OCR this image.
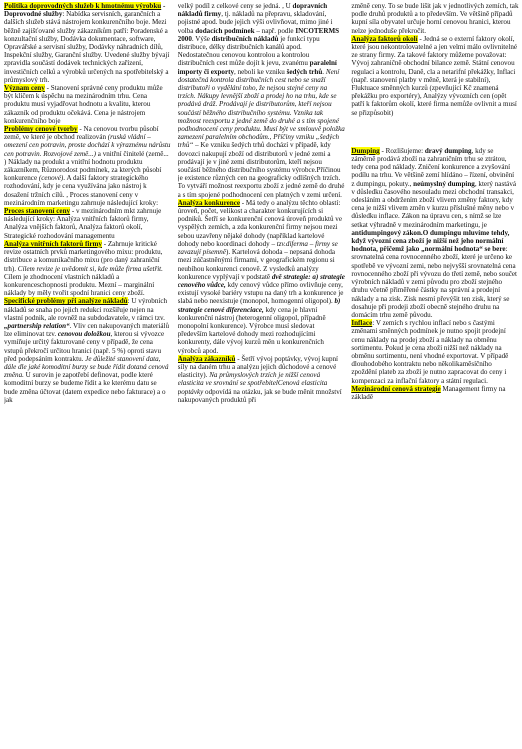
Politika doprovodných služeb k hmotnému výrobku - Doprovodné služby: Nabídka servisních, garančních a dalších služeb stává nástrojem konkurenčního boje. Mezi běžně zajišťované služby zákazníkům patří: Poradenské a konzultační služby, Dodávka dokumentace, software, Opravářské a servisní služby, Dodávky náhradních dílů, Inspekční služby, Garanční služby. Uvedené služby bývají zpravidla součástí dodávek technických zařízení, investičních celků a výrobků určených na spotřebitelský a průmyslový trh.

Význam ceny - Stanovení správné ceny produktu může být klíčem k úspěchu na mezinárodním trhu. Cena produktu musí vyjadřovat hodnotu a kvalitu, kterou zákazník od produktu očekává. Cena je nástrojem konkurenčního boje

Problémy cenové tvorby - Na cenovou tvorbu působí země, ve které je obchod realizován (ruská vládní – omezení cen potravin, proste dochází k výraznému nárůstu cen potravin. Rozvojové země...) a vnitřní činitelé (země... ) Náklady na produkt a vnitřní hodnotu produktu zákazníkem, Různorodost podmínek, za kterých působí konkurence (cenové). A další faktory strategického rozhodování, kdy je cena využívána jako nástroj k dosažení tržních cílů. , Proces stanovení ceny v mezinárodním marketingu zahrnuje následující kroky:

Proces stanovení ceny - v mezinárodním mkt zahrnuje následující kroky: Analýza vnitřních faktorů firmy, Analýza vnějších faktorů, Analýza faktorů okolí, Strategické rozhodování managementu

Analýza vnitřních faktorů firmy - Zahrnuje kritické revize ostatních prvků marketingového mixu: produktu, distribuce a komunikačního mixu (pro daný zahraniční trh). Cílem revize je uvědomit si, kde může firma ušetřit. Cílem je zhodnocení vlastních nákladů a konkurenceschopnosti produktu. Mezní – marginální náklady by měly tvořit spodní hranici ceny zboží.

Specifické problémy při analýze nákladů: U výrobních nákladů se snaha po jejich redukci rozšiřuje nejen na vlastní podnik, ale rovněž na subdodavatele, v rámci tzv. „partnership relation“. Vliv cen nakupovaných materiálů lze eliminovat tzv. cenovou doložkou, kterou si vývozce vymíňuje určitý fakturované ceny v případě, že cena vstupů překročí určitou hranici (např. 5 %) oproti stavu před podepsáním kontraktu. Je důležité stanovení data, dále dle jaké komoditní burzy se bude řídit dotaná cenová změna. U surovin je zapotřebí definovat, podle které komoditní burzy se budeme řídit a ke kterému datu se bude změna účtovat (datem expedice nebo fakturace) a o jak

velký podíl z celkové ceny se jedná. , U dopravních nákladů firmy, tj. nákladů na přepravu, skladování, pojistné apod. bude jejich výši ovlivňovat, mimo jiné i volba dodacích podmínek – např. podle INCOTERMS 2000. Výše distribučních nákladů je funkcí typu distribuce, délky distribučních kanálů apod. Nedostatečnou cenovou kontrolou a kontrolou distribučních cest může dojít k jevu, zvanému paralelní importy či exporty, neboli ke vzniku šedých trhů. Není dostatečná kontrola distribučních cest nebo se snaží distributoři o vydělání toho, že nejsou stejné ceny na trzích. Nákupy levnější zboží a prodej ho na trhu, kde se prodává dráž. Prodávají je distributorům, kteří nejsou součástí běžného distribučního systému. Vznika tak možnost reexportu z jedné země do druhé a s tím spojené podhodnocení ceny produktu. Musí být ve smlouvě položka zamezení paralelním obchodům., Příčiny vzniku „šedých trhů“ – Ke vzniku šedých trhů dochází v případě, kdy dovozci nakupují zboží od distributorů v jedné zemi a prodávají je v jiné zemi distributorům, kteří nejsou součástí běžného distribučního systému výrobce.Příčinou je existence různých cen na geograficky odlišných trzích. To vytváří možnost reexportu zboží z jedné země do druhé a s tím spojené podhodnocení cen platných v zemi určení.

Analýza konkurence - Má tedy o analýzu těchto oblastí: úroveň, počet, velikost a charakter konkurujících si podniků. Šetří se konkurenční cenová úroveň produktů ve vyspělých zemích, a zda konkurenční firmy nejsou mezi sebou uzavřeny nějaké dohody (například kartelové dohody nebo koordinaci dohody – tzv.diferma – firmy se zavazují písemně). Kartelová dohoda – nepsaná dohoda mezi zúčastněnými firmami, v geografickém regionu si neubíhou konkurenci cenově. Z vysledků analýzy konkurence vyplývají v podstatě dvě strategie: a) strategie cenového vůdce, kdy cenový vůdce přímo ovlivňuje ceny, existují vysoké bariéry vstupu na daný trh a konkurence je slabá nebo neexistuje (monopol, homogenní oligopol). b) strategie cenové diferenciace, kdy cena je hlavní konkurenční nástroj (heterogenní oligopol, případně monopolní konkurence). Výrobce musí sledovat především kartelové dohody mezi rozhodujícími konkurenty, dále vývoj kurzů měn u konkurenčních výrobců apod.

Analýza zákazníků - Šetří vývoj poptávky, vývoj kupní síly na daném trhu a analýzu jejich důchodové a cenové elasticity). Na průmyslových trzích je nižší cenová elasticita ve srovnání se spotřebitelCenová elasticita poptávky odpovídá na otázku, jak se bude měnit množství nakupovaných produktů při

změně ceny. To se bude lišit jak v jednotlivých zemích, tak podle druhů produktů a to především. Ve většině případů kupní síla obyvatel určuje horní cenovou hranici, kterou nelze jednoduše překročit.

Analýza faktorů okolí - Jedná se o externí faktory okolí, které jsou nekontrolovatelné a jen velmi málo ovlivnitelné ze strany firmy. Za takové faktory můžeme považovat: Vývoj zahraničně obchodní bilance země. Státní cenovou regulaci a kontrolu, Daně, cla a netarifní překážky, Inflaci (např. stanovení platby v měně, která je stabilní), Fluktuace směnných kurzů (zpevňující Kč znamená překážku pro exportéry), Analýzy vývozních cen (opět patří k faktorům okolí, které firma nemůže ovlivnit a musí se přizpůsobit)

Dumping - Rozlišujeme: dravý dumping, kdy se záměrně prodává zboží na zahraničním trhu se ztrátou, tedy cena pod náklady. Zničení konkurence a zvyšování podílu na trhu. Ve většině zemí hlídáno – řízení, obvinění z dumpingu, pokuty., neúmyslný dumping, který nastává v důsledku časového nesouladu mezi obchodní transakci, odesláním a obdržením zboží vlivem změny faktory, kdy cena je nižší vlivem změn v kurzu příslušné měny nebo v důsledku inflace. Zákon na úpravu cen, s nímž se lze setkat výhradně v mezinárodním marketingu, je antidumpingový zákon.O dumpingu mluvíme tehdy, když vývozní cena zboží je nižší než jeho normální hodnota, přičemž jako „normální hodnota“ se bere: srovnatelná cena rovnocenného zboží, které je určeno ke spotřebě ve vývozní zemi, nebo nejvyšší srovnatelná cena rovnocenného zboží při vývozu do třetí země, nebo součet výrobních nákladů v zemi původu pro zboží stejného druhu včetně přiměřené částky na správní a prodejní náklady a na zisk. Zisk nesmí převýšit ten zisk, který se dosahuje při prodeji zboží obecně stejného druhu na domácím trhu země původu.

Inflace: V zemích s rychlou inflací nebo s častými změnami směnných podmínek je nutno spojit prodejní cenu náklady na prodej zboží a náklady na obměnu sortimentu. Pokud je cena zboží nižší než náklady na obměnu sortimentu, není vhodné exportovat. V případě dlouhodobého kontraktu nebo několikaměsíčního zpoždění plateb za zboží je nutno zapracovat do ceny i kompenzaci za inflační faktory a státní regulaci.

Mezinárodní cenová strategie Management firmy na základě
